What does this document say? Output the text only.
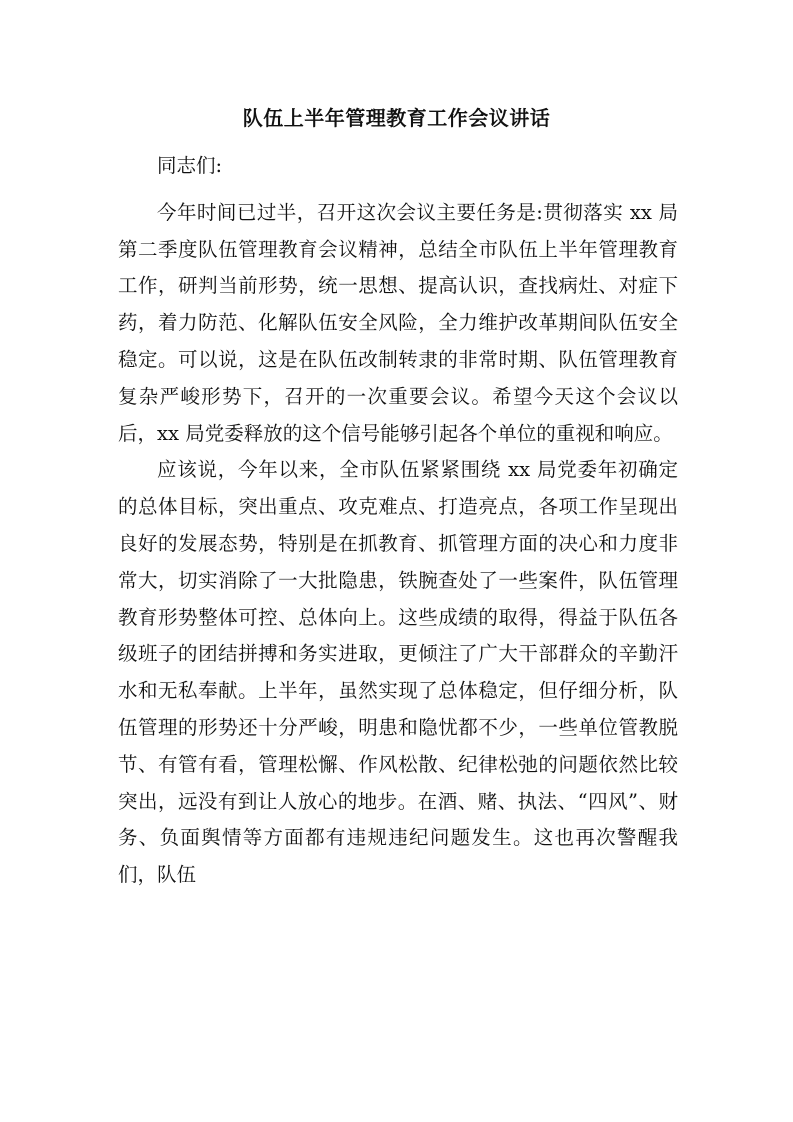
队伍上半年管理教育工作会议讲话

同志们:

今年时间已过半，召开这次会议主要任务是:贯彻落实 xx 局第二季度队伍管理教育会议精神，总结全市队伍上半年管理教育工作，研判当前形势，统一思想、提高认识，查找病灶、对症下药，着力防范、化解队伍安全风险，全力维护改革期间队伍安全稳定。可以说，这是在队伍改制转隶的非常时期、队伍管理教育复杂严峻形势下，召开的一次重要会议。希望今天这个会议以后，xx 局党委释放的这个信号能够引起各个单位的重视和响应。

应该说，今年以来，全市队伍紧紧围绕 xx 局党委年初确定的总体目标，突出重点、攻克难点、打造亮点，各项工作呈现出良好的发展态势，特别是在抓教育、抓管理方面的决心和力度非常大，切实消除了一大批隐患，铁腕查处了一些案件，队伍管理教育形势整体可控、总体向上。这些成绩的取得，得益于队伍各级班子的团结拼搏和务实进取，更倾注了广大干部群众的辛勤汗水和无私奉献。上半年，虽然实现了总体稳定，但仔细分析，队伍管理的形势还十分严峻，明患和隐忧都不少，一些单位管教脱节、有管有看，管理松懈、作风松散、纪律松弛的问题依然比较突出，远没有到让人放心的地步。在酒、赌、执法、“四风”、财务、负面舆情等方面都有违规违纪问题发生。这也再次警醒我们，队伍
